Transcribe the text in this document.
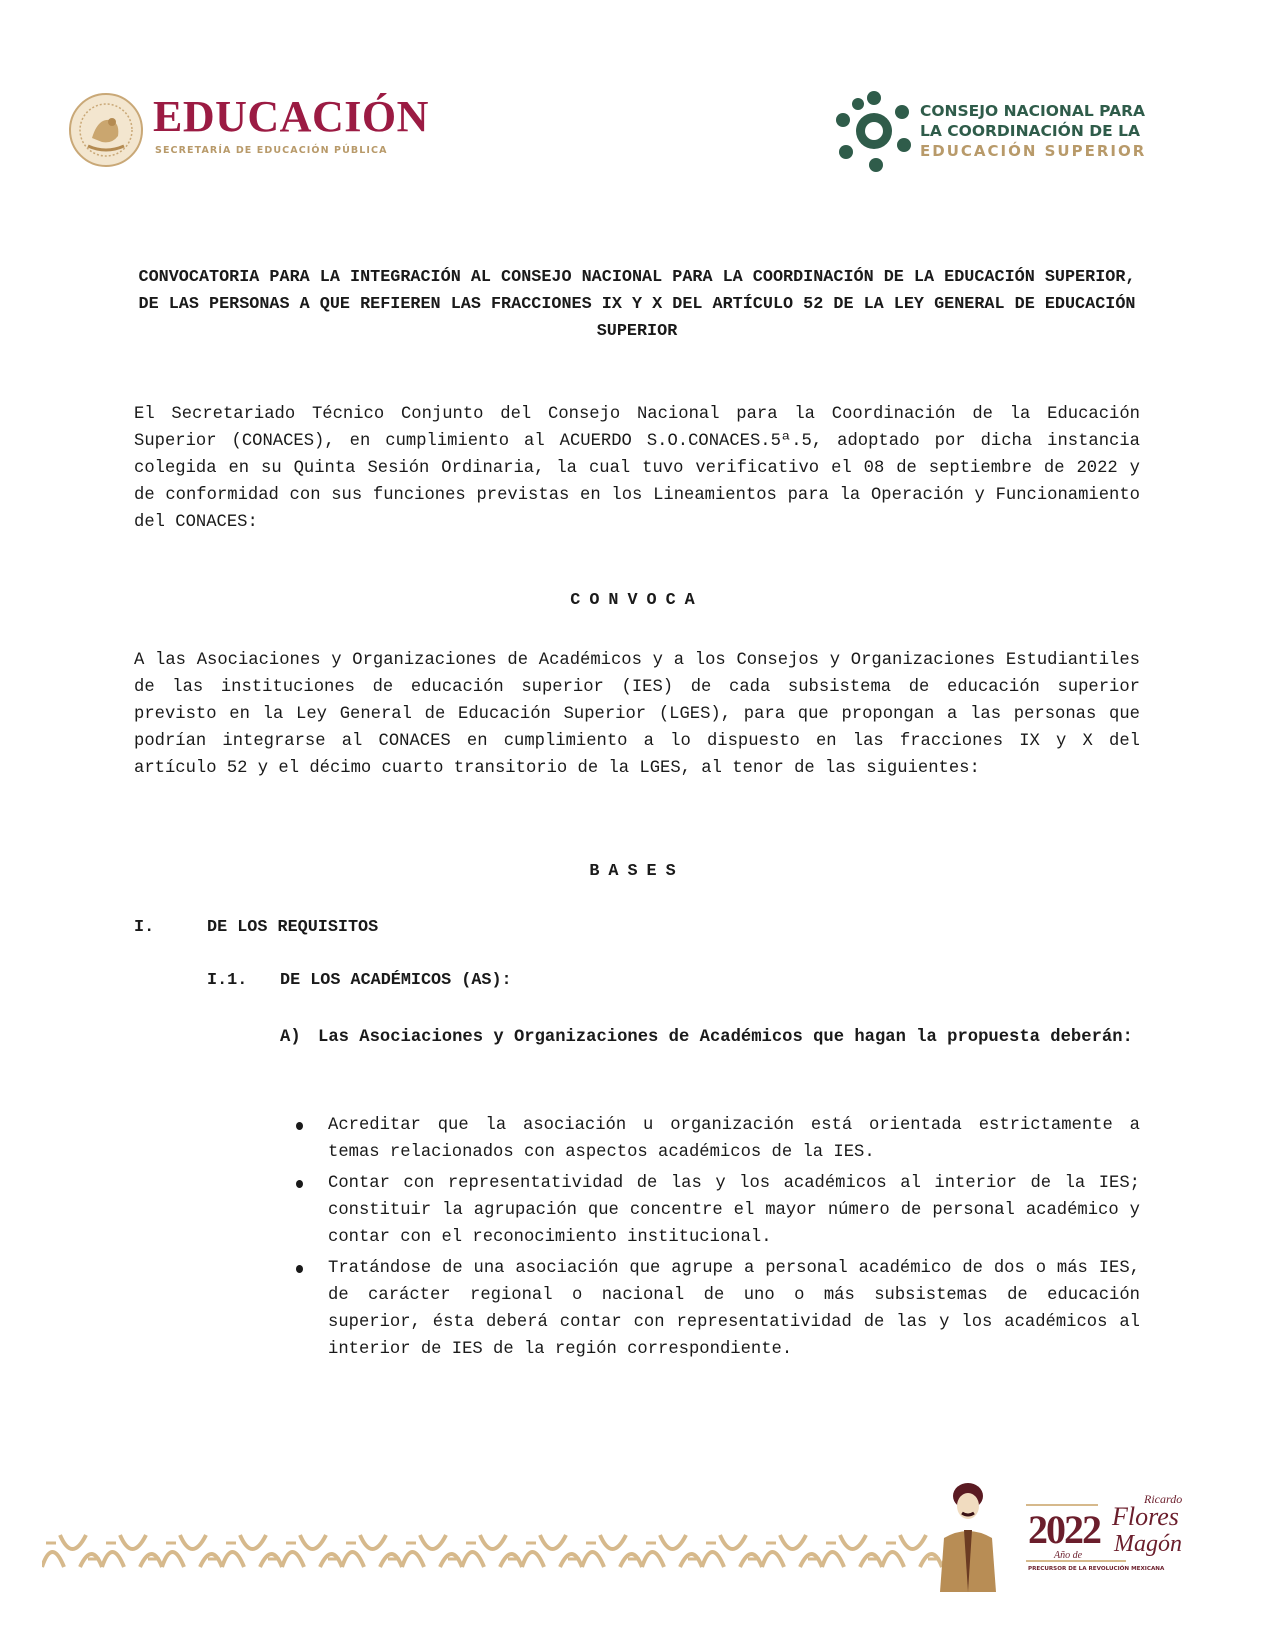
EDUCACIÓN
SECRETARÍA DE EDUCACIÓN PÚBLICA
CONSEJO NACIONAL PARA
LA COORDINACIÓN DE LA
EDUCACIÓN SUPERIOR
CONVOCATORIA PARA LA INTEGRACIÓN AL CONSEJO NACIONAL PARA LA COORDINACIÓN DE LA EDUCACIÓN SUPERIOR, DE LAS PERSONAS A QUE REFIEREN LAS FRACCIONES IX Y X DEL ARTÍCULO 52 DE LA LEY GENERAL DE EDUCACIÓN SUPERIOR
El Secretariado Técnico Conjunto del Consejo Nacional para la Coordinación de la Educación Superior (CONACES), en cumplimiento al ACUERDO S.O.CONACES.5ª.5, adoptado por dicha instancia colegida en su Quinta Sesión Ordinaria, la cual tuvo verificativo el 08 de septiembre de 2022 y de conformidad con sus funciones previstas en los Lineamientos para la Operación y Funcionamiento del CONACES:
CONVOCA
A las Asociaciones y Organizaciones de Académicos y a los Consejos y Organizaciones Estudiantiles de las instituciones de educación superior (IES) de cada subsistema de educación superior previsto en la Ley General de Educación Superior (LGES), para que propongan a las personas que podrían integrarse al CONACES en cumplimiento a lo dispuesto en las fracciones IX y X del artículo 52 y el décimo cuarto transitorio de la LGES, al tenor de las siguientes:
BASES
I.	DE LOS REQUISITOS
I.1. DE LOS ACADÉMICOS (AS):
A) Las Asociaciones y Organizaciones de Académicos que hagan la propuesta deberán:
Acreditar que la asociación u organización está orientada estrictamente a temas relacionados con aspectos académicos de la IES.
Contar con representatividad de las y los académicos al interior de la IES; constituir la agrupación que concentre el mayor número de personal académico y contar con el reconocimiento institucional.
Tratándose de una asociación que agrupe a personal académico de dos o más IES, de carácter regional o nacional de uno o más subsistemas de educación superior, ésta deberá contar con representatividad de las y los académicos al interior de IES de la región correspondiente.
2022
Año de
Ricardo
Flores
Magón
PRECURSOR DE LA REVOLUCIÓN MEXICANA
